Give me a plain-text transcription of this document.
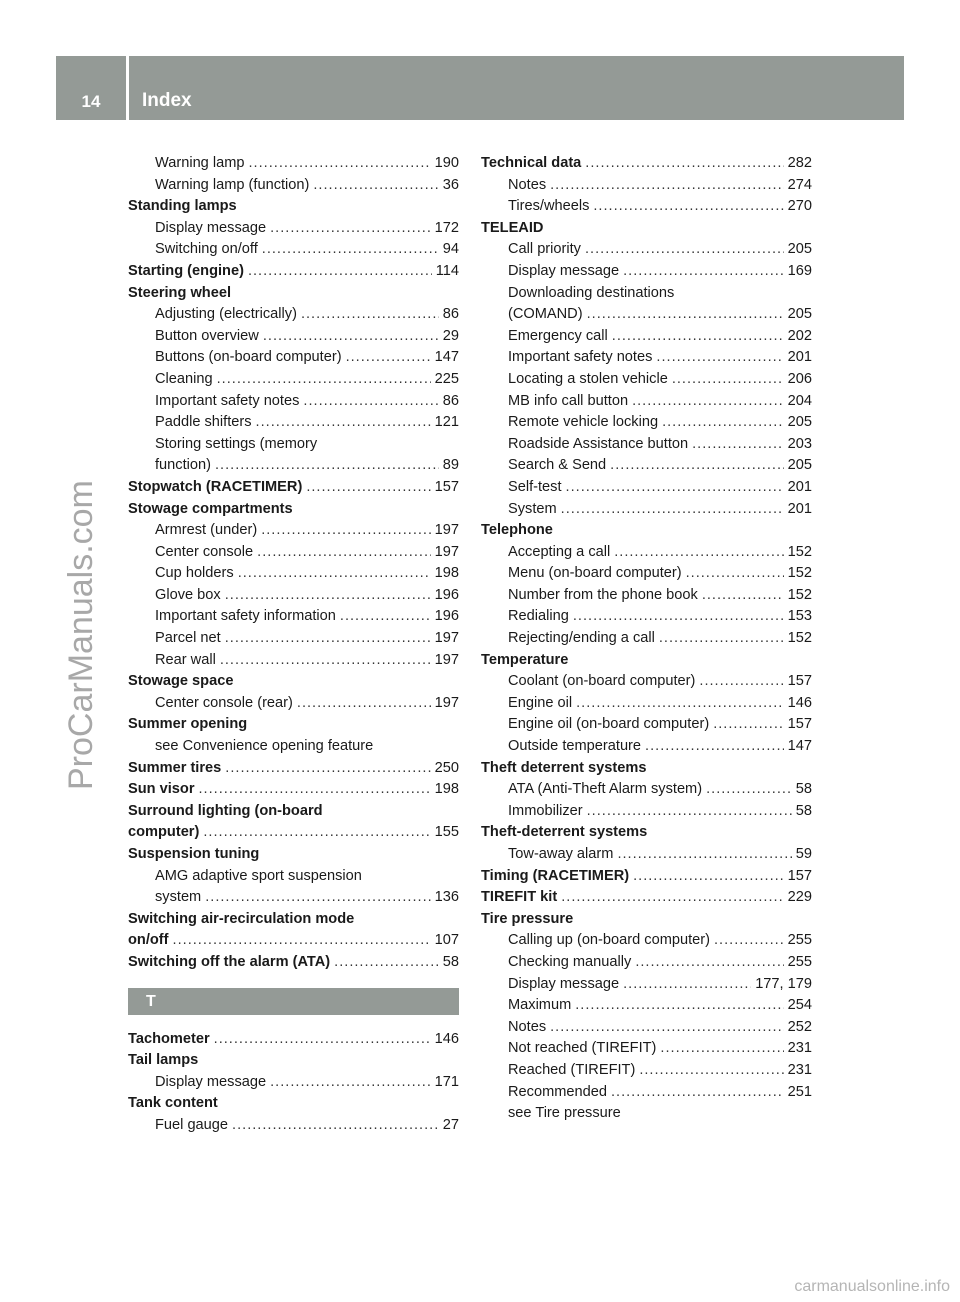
14	Index
ProCarManuals.com
Warning lamp .....	190
Warning lamp (function) .....	36
Standing lamps
Display message .....	172
Switching on/off .....	94
Starting (engine) .....	114
Steering wheel
Adjusting (electrically) .....	86
Button overview .....	29
Buttons (on-board computer) .....	147
Cleaning .....	225
Important safety notes .....	86
Paddle shifters .....	121
Storing settings (memory
function) .....	89
Stopwatch (RACETIMER) .....	157
Stowage compartments
Armrest (under) .....	197
Center console .....	197
Cup holders .....	198
Glove box .....	196
Important safety information .....	196
Parcel net .....	197
Rear wall .....	197
Stowage space
Center console (rear) .....	197
Summer opening
see Convenience opening feature
Summer tires .....	250
Sun visor .....	198
Surround lighting (on-board
computer) .....	155
Suspension tuning
AMG adaptive sport suspension
system .....	136
Switching air-recirculation mode
on/off .....	107
Switching off the alarm (ATA) .....	58
T
Tachometer .....	146
Tail lamps
Display message .....	171
Tank content
Fuel gauge .....	27
Technical data .....	282
Notes .....	274
Tires/wheels .....	270
TELEAID
Call priority .....	205
Display message .....	169
Downloading destinations
(COMAND) .....	205
Emergency call .....	202
Important safety notes .....	201
Locating a stolen vehicle .....	206
MB info call button .....	204
Remote vehicle locking .....	205
Roadside Assistance button .....	203
Search & Send .....	205
Self-test .....	201
System .....	201
Telephone
Accepting a call .....	152
Menu (on-board computer) .....	152
Number from the phone book .....	152
Redialing .....	153
Rejecting/ending a call .....	152
Temperature
Coolant (on-board computer) .....	157
Engine oil .....	146
Engine oil (on-board computer) .....	157
Outside temperature .....	147
Theft deterrent systems
ATA (Anti-Theft Alarm system) .....	58
Immobilizer .....	58
Theft-deterrent systems
Tow-away alarm .....	59
Timing (RACETIMER) .....	157
TIREFIT kit .....	229
Tire pressure
Calling up (on-board computer) .....	255
Checking manually .....	255
Display message .....	177, 179
Maximum .....	254
Notes .....	252
Not reached (TIREFIT) .....	231
Reached (TIREFIT) .....	231
Recommended .....	251
see Tire pressure
carmanualsonline.info
